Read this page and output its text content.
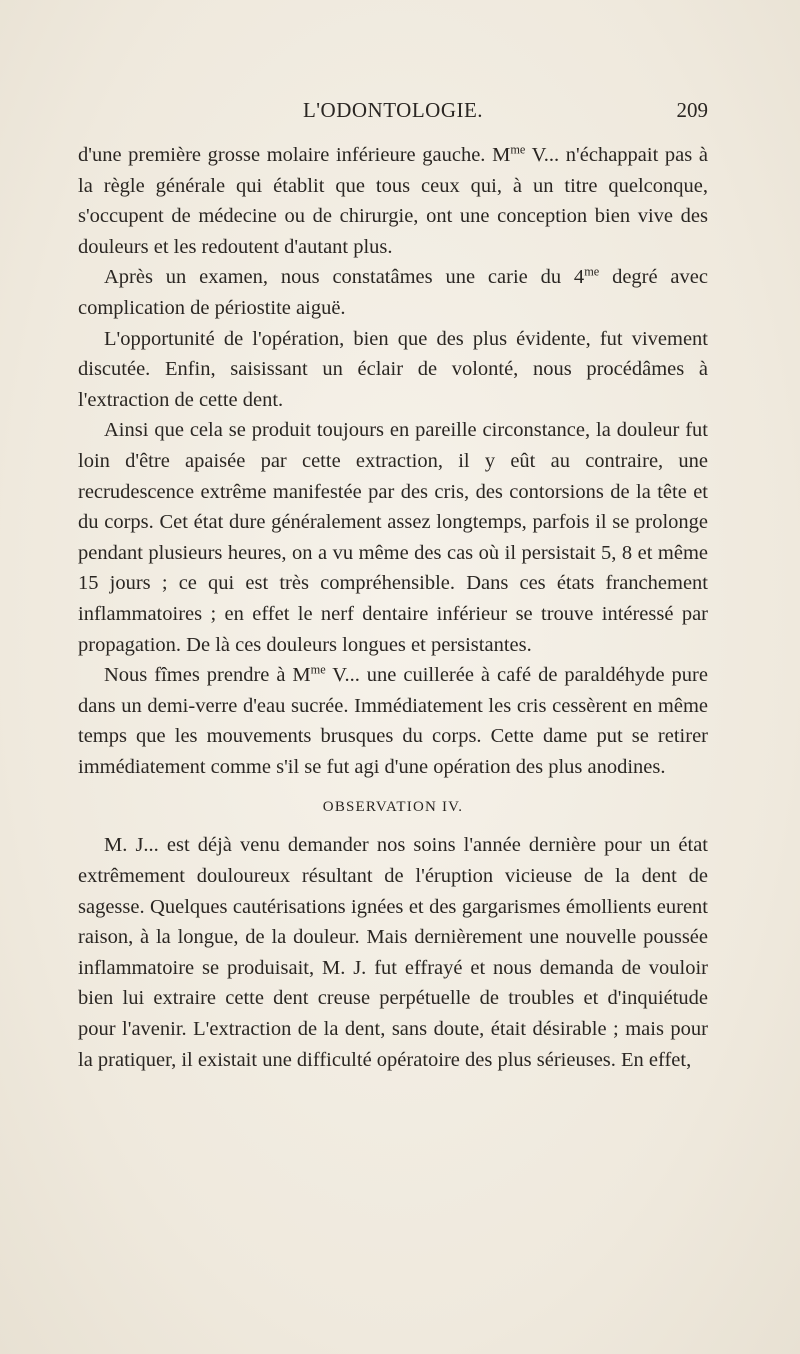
L'ODONTOLOGIE.	209

d'une première grosse molaire inférieure gauche. $M^{me}$ V... n'échappait pas à la règle générale qui établit que tous ceux qui, à un titre quelconque, s'occupent de médecine ou de chirurgie, ont une conception bien vive des douleurs et les redoutent d'autant plus.

Après un examen, nous constatâmes une carie du $4^{me}$ degré avec complication de périostite aiguë.

L'opportunité de l'opération, bien que des plus évidente, fut vivement discutée. Enfin, saisissant un éclair de volonté, nous procédâmes à l'extraction de cette dent.

Ainsi que cela se produit toujours en pareille circonstance, la douleur fut loin d'être apaisée par cette extraction, il y eût au contraire, une recrudescence extrême manifestée par des cris, des contorsions de la tête et du corps. Cet état dure généralement assez longtemps, parfois il se prolonge pendant plusieurs heures, on a vu même des cas où il persistait 5, 8 et même 15 jours ; ce qui est très compréhensible. Dans ces états franchement inflammatoires ; en effet le nerf dentaire inférieur se trouve intéressé par propagation. De là ces douleurs longues et persistantes.

Nous fîmes prendre à $M^{me}$ V... une cuillerée à café de paraldéhyde pure dans un demi-verre d'eau sucrée. Immédiatement les cris cessèrent en même temps que les mouvements brusques du corps. Cette dame put se retirer immédiatement comme s'il se fut agi d'une opération des plus anodines.

OBSERVATION IV.

M. J... est déjà venu demander nos soins l'année dernière pour un état extrêmement douloureux résultant de l'éruption vicieuse de la dent de sagesse. Quelques cautérisations ignées et des gargarismes émollients eurent raison, à la longue, de la douleur. Mais dernièrement une nouvelle poussée inflammatoire se produisait, M. J. fut effrayé et nous demanda de vouloir bien lui extraire cette dent creuse perpétuelle de troubles et d'inquiétude pour l'avenir. L'extraction de la dent, sans doute, était désirable ; mais pour la pratiquer, il existait une difficulté opératoire des plus sérieuses. En effet,
